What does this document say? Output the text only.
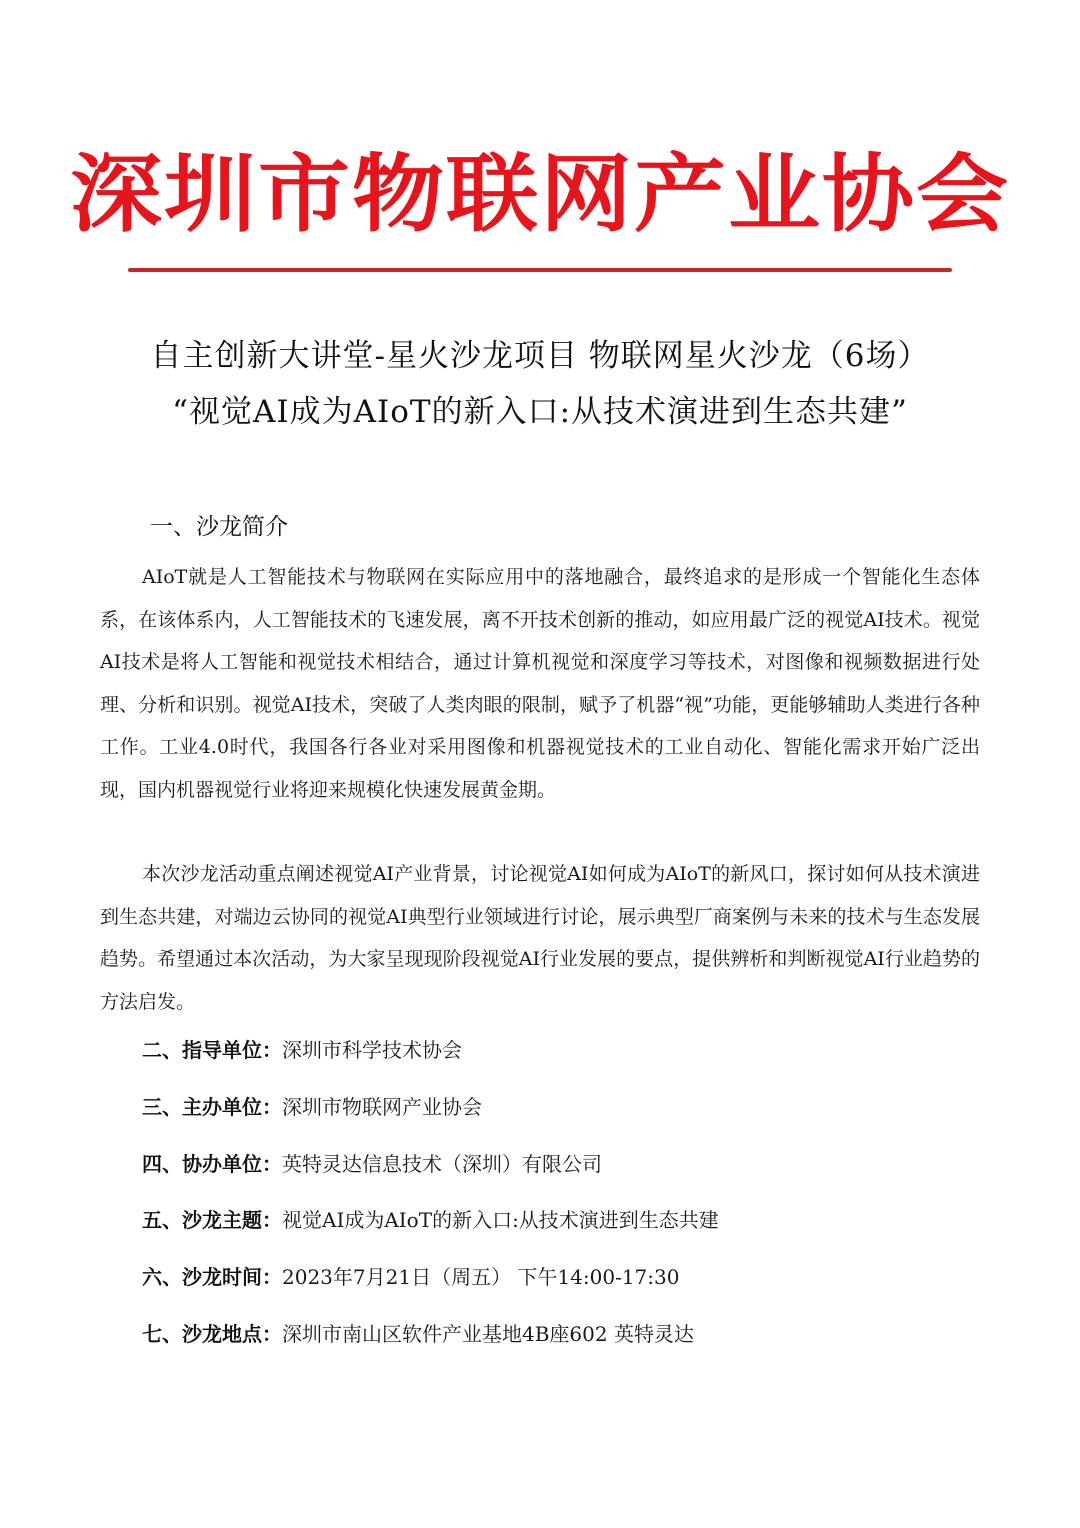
深圳市物联网产业协会
自主创新大讲堂-星火沙龙项目 物联网星火沙龙（6场）
“视觉AI成为AIoT的新入口:从技术演进到生态共建”
一、沙龙简介

AIoT就是人工智能技术与物联网在实际应用中的落地融合，最终追求的是形成一个智能化生态体系，在该体系内，人工智能技术的飞速发展，离不开技术创新的推动，如应用最广泛的视觉AI技术。视觉AI技术是将人工智能和视觉技术相结合，通过计算机视觉和深度学习等技术，对图像和视频数据进行处理、分析和识别。视觉AI技术，突破了人类肉眼的限制，赋予了机器“视”功能，更能够辅助人类进行各种工作。工业4.0时代，我国各行各业对采用图像和机器视觉技术的工业自动化、智能化需求开始广泛出现，国内机器视觉行业将迎来规模化快速发展黄金期。

本次沙龙活动重点阐述视觉AI产业背景，讨论视觉AI如何成为AIoT的新风口，探讨如何从技术演进到生态共建，对端边云协同的视觉AI典型行业领域进行讨论，展示典型厂商案例与未来的技术与生态发展趋势。希望通过本次活动，为大家呈现现阶段视觉AI行业发展的要点，提供辨析和判断视觉AI行业趋势的方法启发。

二、指导单位：深圳市科学技术协会
三、主办单位：深圳市物联网产业协会
四、协办单位：英特灵达信息技术（深圳）有限公司
五、沙龙主题：视觉AI成为AIoT的新入口:从技术演进到生态共建
六、沙龙时间：2023年7月21日（周五） 下午14:00-17:30
七、沙龙地点：深圳市南山区软件产业基地4B座602 英特灵达
